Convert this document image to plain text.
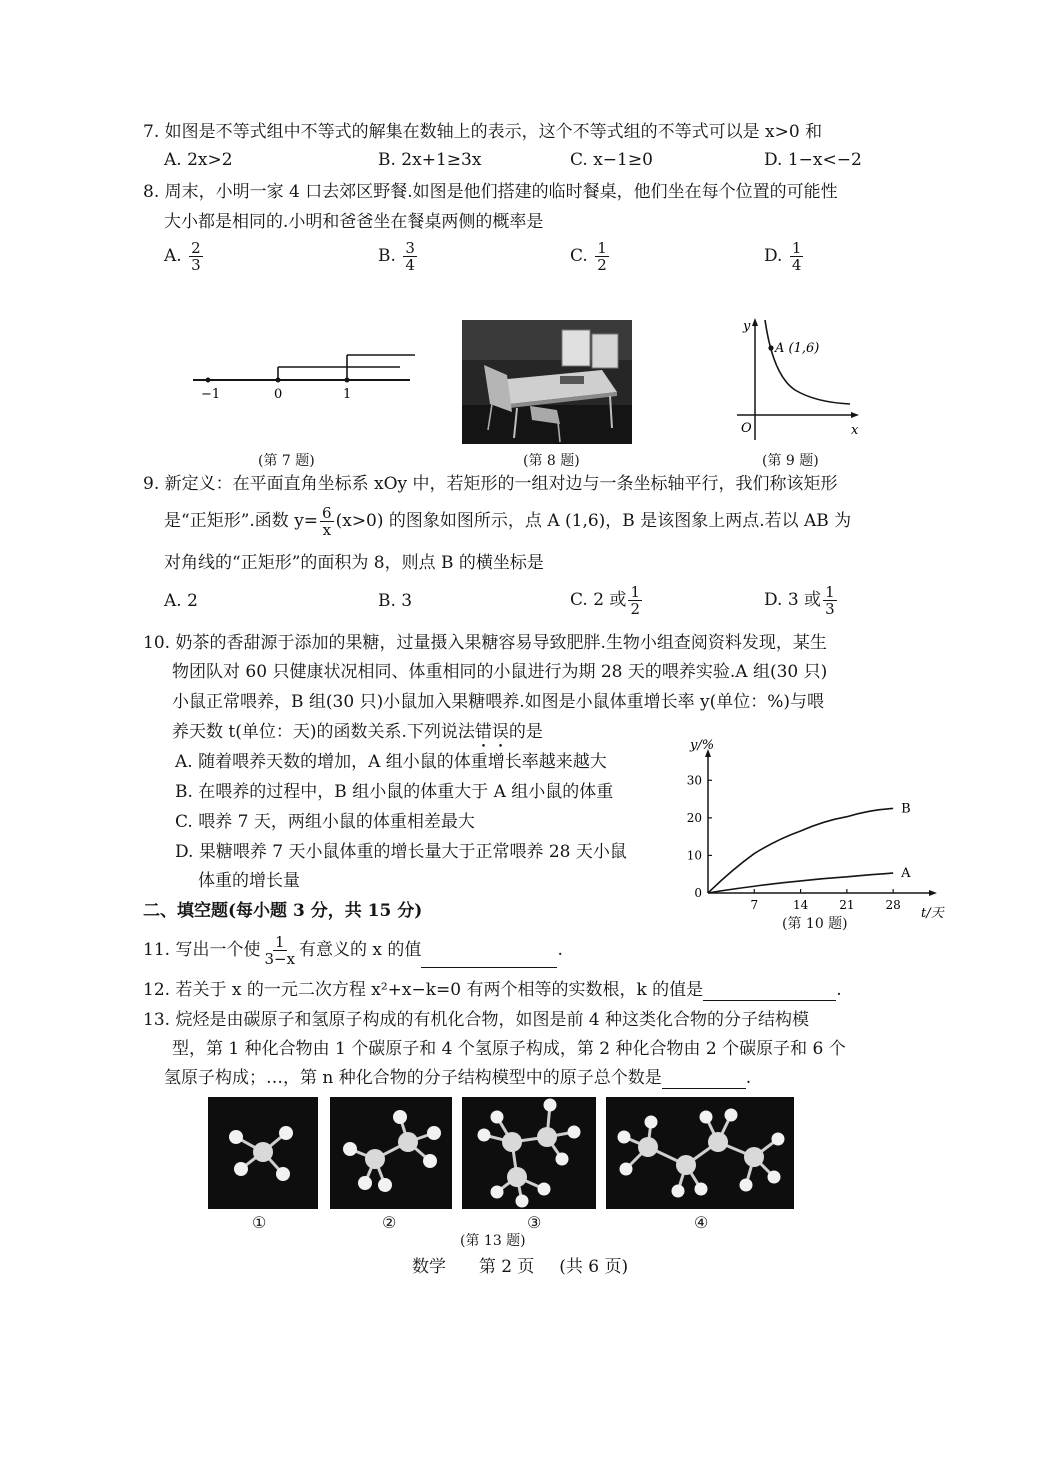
7. 如图是不等式组中不等式的解集在数轴上的表示，这个不等式组的不等式可以是 x>0 和
A. 2x>2	B. 2x+1≥3x	C. x−1≥0	D. 1−x<−2
8. 周末，小明一家 4 口去郊区野餐.如图是他们搭建的临时餐桌，他们坐在每个位置的可能性
大小都是相同的.小明和爸爸坐在餐桌两侧的概率是
A. $\frac{2}{3}$	B. $\frac{3}{4}$	C. $\frac{1}{2}$	D. $\frac{1}{4}$
−1	0	1
(第 7 题)	(第 8 题)
y
x
O
A (1,6)
(第 9 题)
9. 新定义：在平面直角坐标系 xOy 中，若矩形的一组对边与一条坐标轴平行，我们称该矩形
是“正矩形”.函数 $y= \frac{6}{x} (x>0)$ 的图象如图所示，点 A (1,6)，B 是该图象上两点.若以 AB 为
对角线的“正矩形”的面积为 8，则点 B 的横坐标是
A. 2	B. 3	C. 2 或 $\frac{1}{2}$	D. 3 或 $\frac{1}{3}$
10. 奶茶的香甜源于添加的果糖，过量摄入果糖容易导致肥胖.生物小组查阅资料发现，某生
物团队对 60 只健康状况相同、体重相同的小鼠进行为期 28 天的喂养实验.A 组(30 只)
小鼠正常喂养，B 组(30 只)小鼠加入果糖喂养.如图是小鼠体重增长率 y(单位：%)与喂
养天数 t(单位：天)的函数关系.下列说法错误的是
A. 随着喂养天数的增加，A 组小鼠的体重增长率越来越大
B. 在喂养的过程中，B 组小鼠的体重大于 A 组小鼠的体重
C. 喂养 7 天，两组小鼠的体重相差最大
D. 果糖喂养 7 天小鼠体重的增长量大于正常喂养 28 天小鼠
体重的增长量
y/%
t/天
0
10
20
30
7	14	21	28
B
A
(第 10 题)
二、填空题(每小题 3 分，共 15 分)
11. 写出一个使 $\frac{1}{3-x}$ 有意义的 x 的值	.
12. 若关于 x 的一元二次方程 x²+x−k=0 有两个相等的实数根，k 的值是	.
13. 烷烃是由碳原子和氢原子构成的有机化合物，如图是前 4 种这类化合物的分子结构模
型，第 1 种化合物由 1 个碳原子和 4 个氢原子构成，第 2 种化合物由 2 个碳原子和 6 个
氢原子构成；…，第 n 种化合物的分子结构模型中的原子总个数是	.
①	②	③	④
(第 13 题)
数学 第 2 页 (共 6 页)
